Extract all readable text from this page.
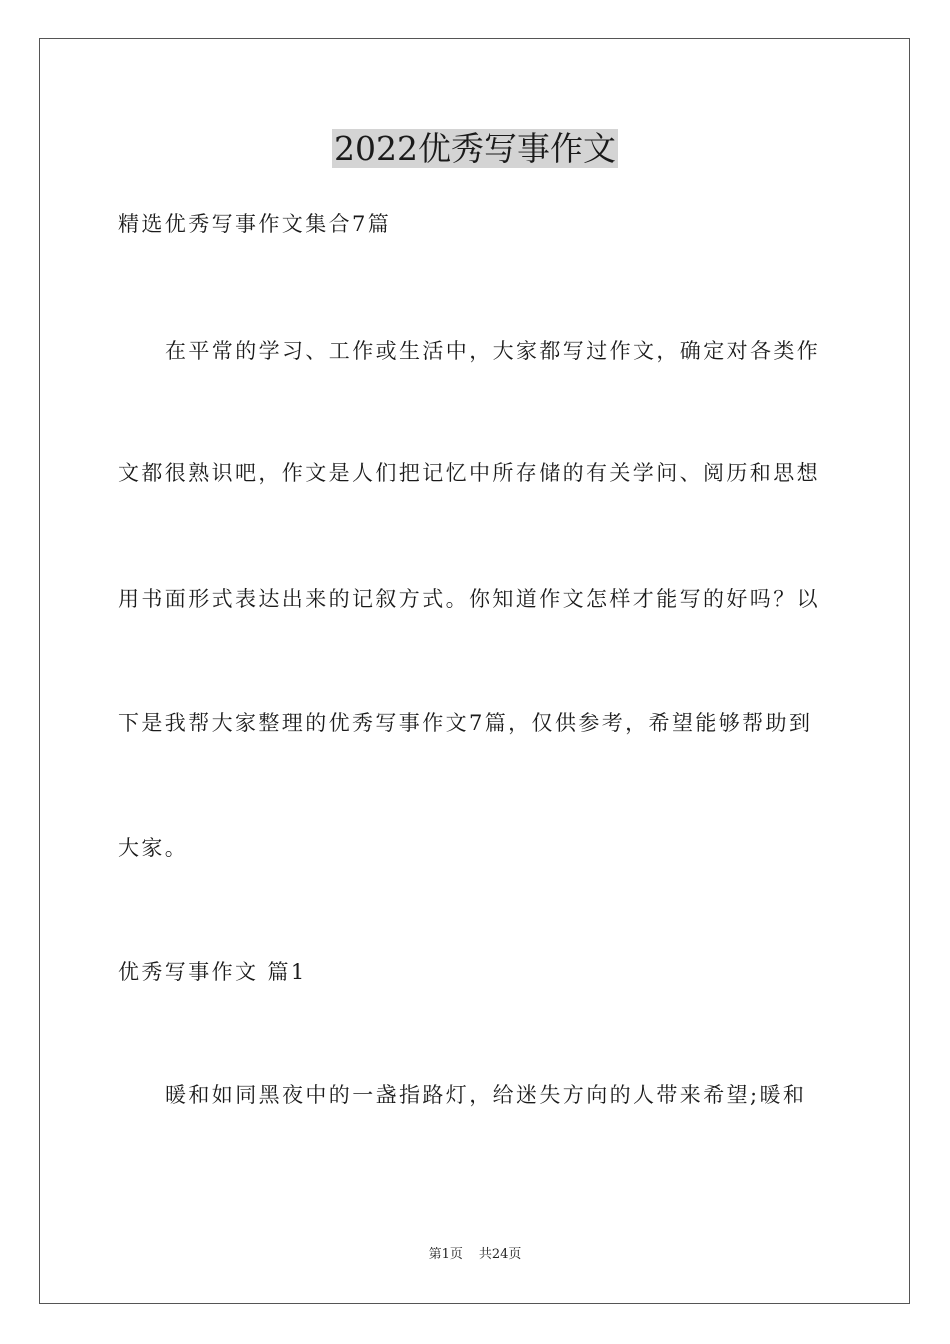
2022优秀写事作文
精选优秀写事作文集合7篇
在平常的学习、工作或生活中，大家都写过作文，确定对各类作
文都很熟识吧，作文是人们把记忆中所存储的有关学问、阅历和思想
用书面形式表达出来的记叙方式。你知道作文怎样才能写的好吗？以
下是我帮大家整理的优秀写事作文7篇，仅供参考，希望能够帮助到
大家。
优秀写事作文 篇1
暖和如同黑夜中的一盏指路灯，给迷失方向的人带来希望;暖和
第1页 共24页
